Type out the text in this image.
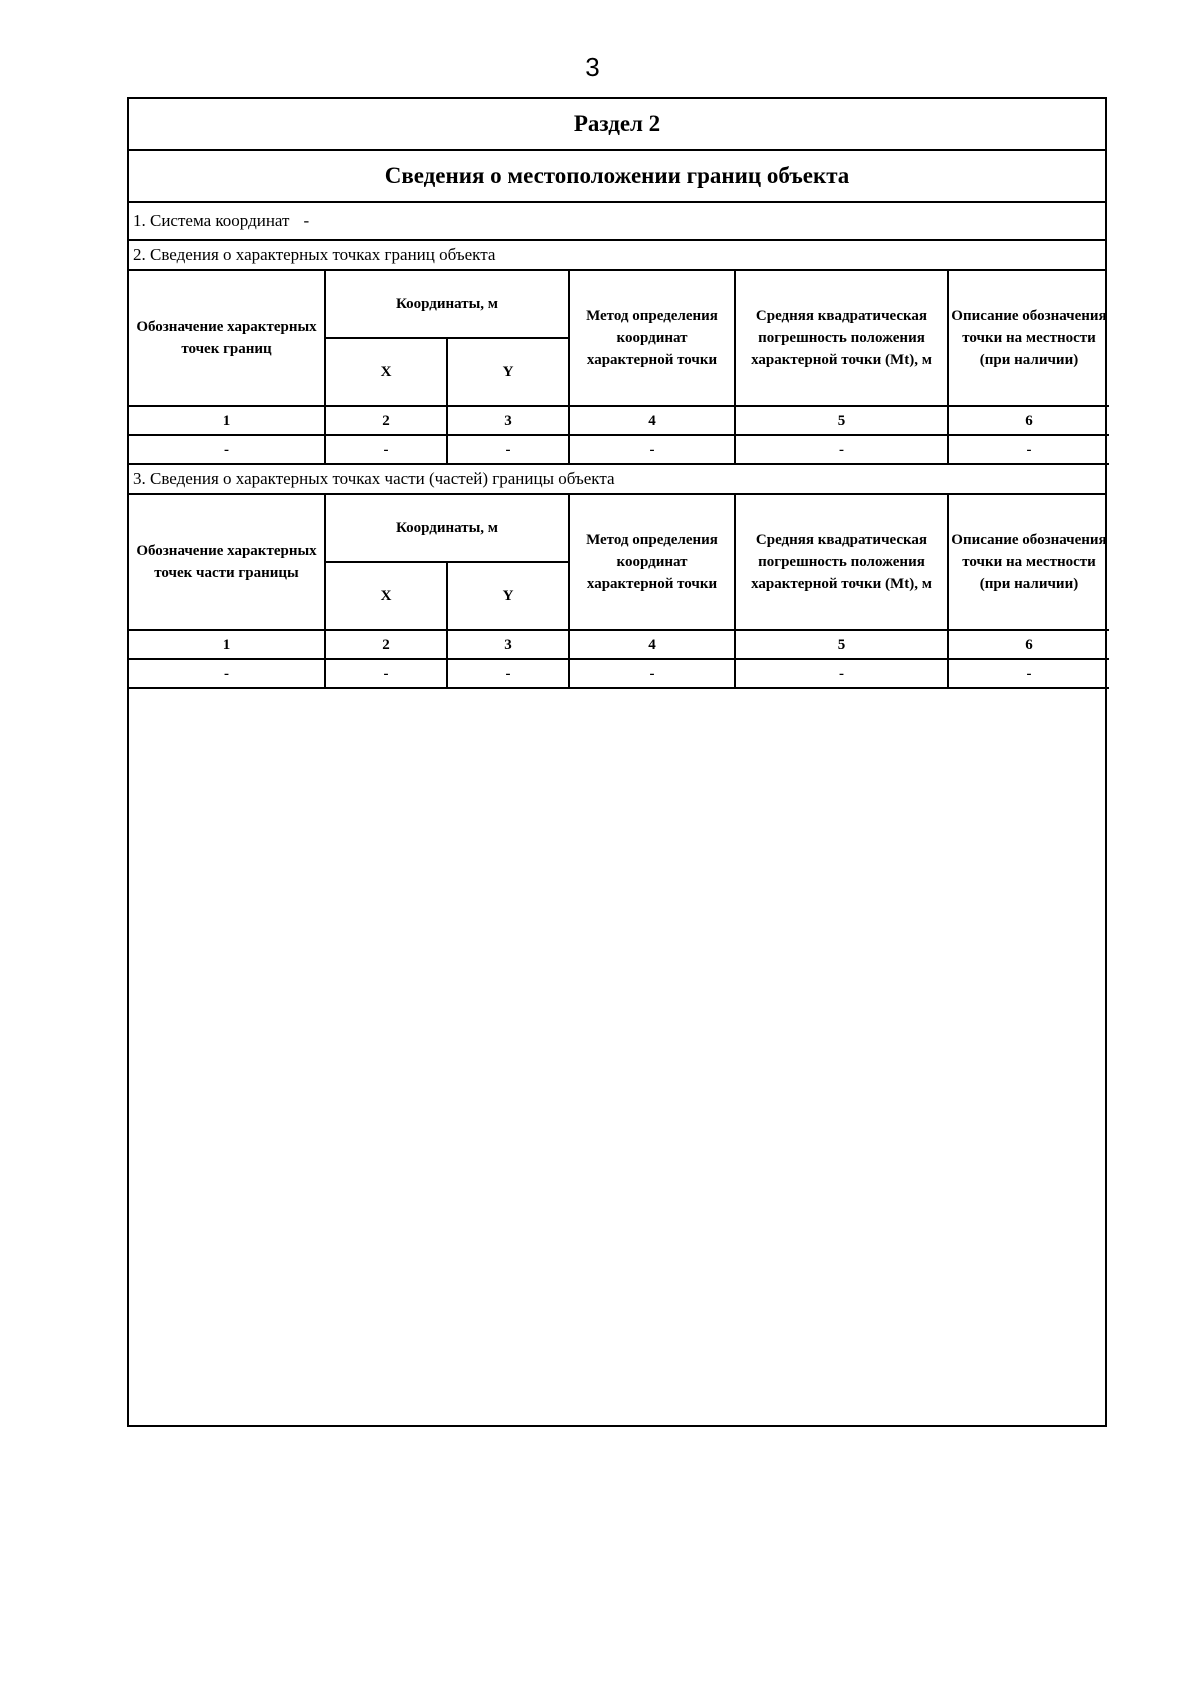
3
Раздел 2
Сведения о местоположении границ объекта
1. Система координат -
2. Сведения о характерных точках границ объекта
Обозначение характерных точек границ	Координаты, м		Метод определения координат характерной точки	Средняя квадратическая погрешность положения характерной точки (Mt), м	Описание обозначения точки на местности (при наличии)
	X	Y			
1	2	3	4	5	6
-	-	-	-	-	-
3. Сведения о характерных точках части (частей) границы объекта
Обозначение характерных точек части границы	Координаты, м		Метод определения координат характерной точки	Средняя квадратическая погрешность положения характерной точки (Mt), м	Описание обозначения точки на местности (при наличии)
	X	Y			
1	2	3	4	5	6
-	-	-	-	-	-
